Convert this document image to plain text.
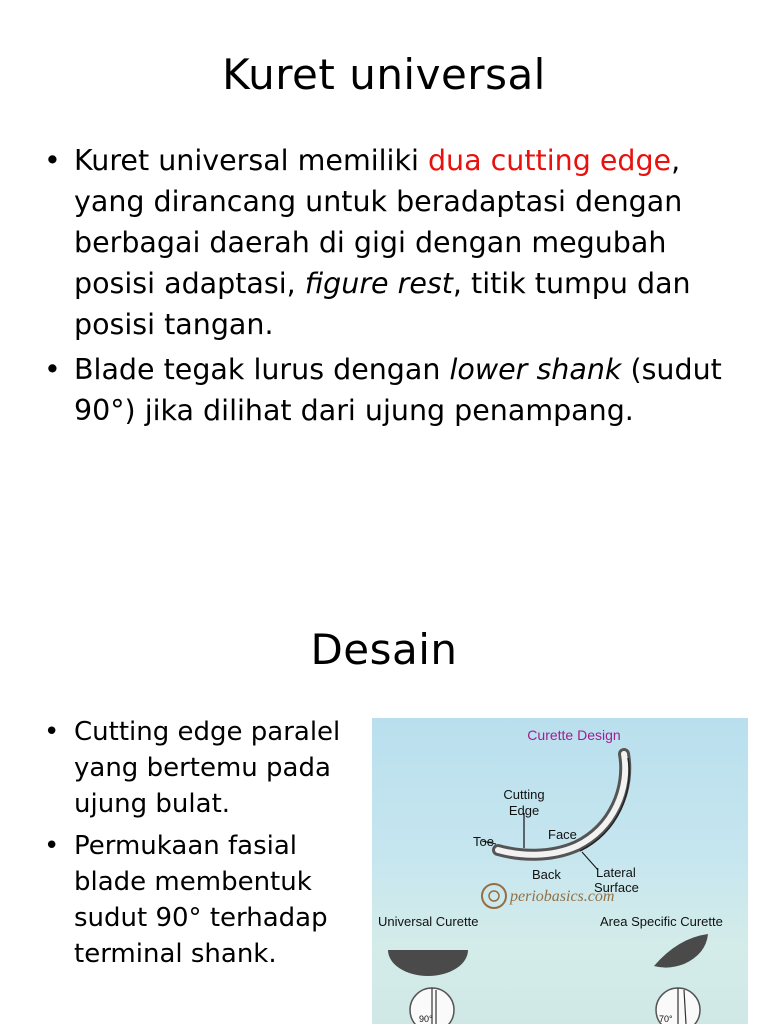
Kuret universal
• Kuret universal memiliki dua cutting edge, yang dirancang untuk beradaptasi dengan berbagai daerah di gigi dengan megubah posisi adaptasi, figure rest, titik tumpu dan posisi tangan.
• Blade tegak lurus dengan lower shank (sudut 90°) jika dilihat dari ujung penampang.
Desain
• Cutting edge paralel yang bertemu pada ujung bulat.
• Permukaan fasial blade membentuk sudut 90° terhadap terminal shank.
Curette Design
Cutting
Edge
Face
Toe
Back	Lateral
Surface
periobasics.com
Universal Curette	Area Specific Curette
90°	70°
